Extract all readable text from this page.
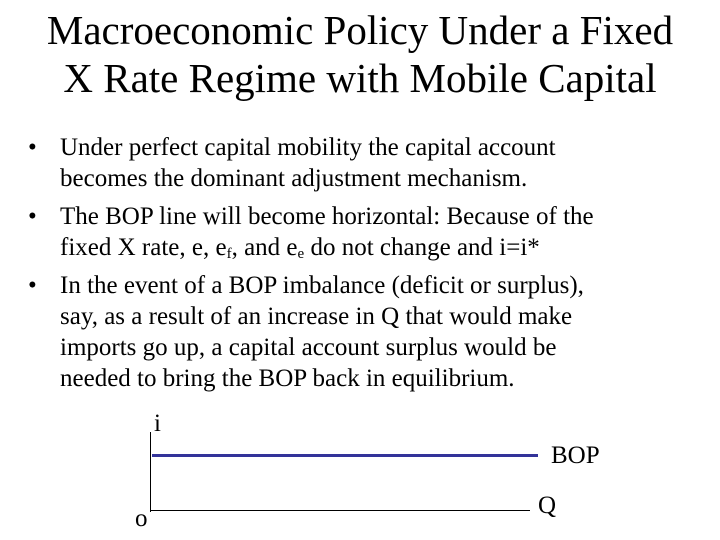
Macroeconomic Policy Under a Fixed
X Rate Regime with Mobile Capital
• Under perfect capital mobility the capital account
becomes the dominant adjustment mechanism.
• The BOP line will become horizontal: Because of the
fixed X rate, e, $e_f$, and $e_e$ do not change and i=i*
• In the event of a BOP imbalance (deficit or surplus),
say, as a result of an increase in Q that would make
imports go up, a capital account surplus would be
needed to bring the BOP back in equilibrium.
i
BOP
Q
o
